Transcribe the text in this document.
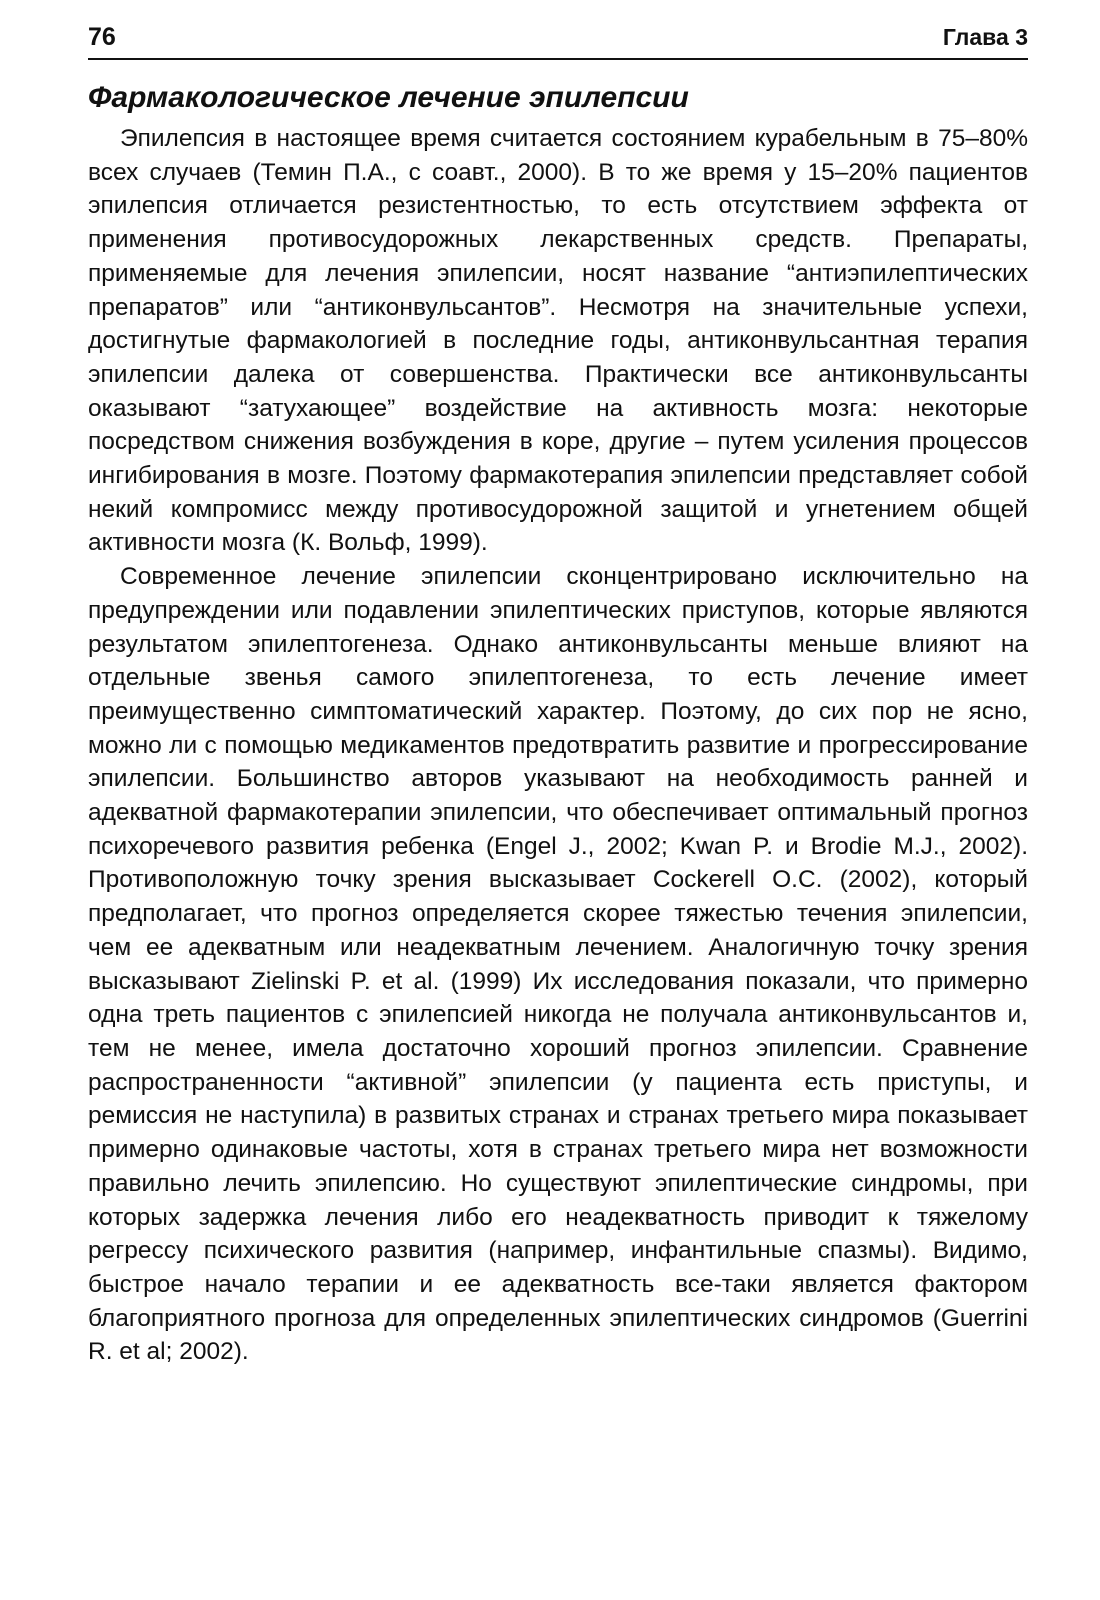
76	Глава 3
Фармакологическое лечение эпилепсии

Эпилепсия в настоящее время считается состоянием курабельным в 75–80% всех случаев (Темин П.А., с соавт., 2000). В то же время у 15–20% пациентов эпилепсия отличается резистентностью, то есть отсутствием эффекта от применения противосудорожных лекарственных средств. Препараты, применяемые для лечения эпилепсии, носят название “антиэпилептических препаратов” или “антиконвульсантов”. Несмотря на значительные успехи, достигнутые фармакологией в последние годы, антиконвульсантная терапия эпилепсии далека от совершенства. Практически все антиконвульсанты оказывают “затухающее” воздействие на активность мозга: некоторые посредством снижения возбуждения в коре, другие – путем усиления процессов ингибирования в мозге. Поэтому фармакотерапия эпилепсии представляет собой некий компромисс между противосудорожной защитой и угнетением общей активности мозга (К. Вольф, 1999).

Современное лечение эпилепсии сконцентрировано исключительно на предупреждении или подавлении эпилептических приступов, которые являются результатом эпилептогенеза. Однако антиконвульсанты меньше влияют на отдельные звенья самого эпилептогенеза, то есть лечение имеет преимущественно симптоматический характер. Поэтому, до сих пор не ясно, можно ли с помощью медикаментов предотвратить развитие и прогрессирование эпилепсии. Большинство авторов указывают на необходимость ранней и адекватной фармакотерапии эпилепсии, что обеспечивает оптимальный прогноз психоречевого развития ребенка (Engel J., 2002; Kwan P. и Brodie M.J., 2002). Противоположную точку зрения высказывает Cockerell O.C. (2002), который предполагает, что прогноз определяется скорее тяжестью течения эпилепсии, чем ее адекватным или неадекватным лечением. Аналогичную точку зрения высказывают Zielinski P. et al. (1999) Их исследования показали, что примерно одна треть пациентов с эпилепсией никогда не получала антиконвульсантов и, тем не менее, имела достаточно хороший прогноз эпилепсии. Сравнение распространенности “активной” эпилепсии (у пациента есть приступы, и ремиссия не наступила) в развитых странах и странах третьего мира показывает примерно одинаковые частоты, хотя в странах третьего мира нет возможности правильно лечить эпилепсию. Но существуют эпилептические синдромы, при которых задержка лечения либо его неадекватность приводит к тяжелому регрессу психического развития (например, инфантильные спазмы). Видимо, быстрое начало терапии и ее адекватность все-таки является фактором благоприятного прогноза для определенных эпилептических синдромов (Guerrini R. et al; 2002).
